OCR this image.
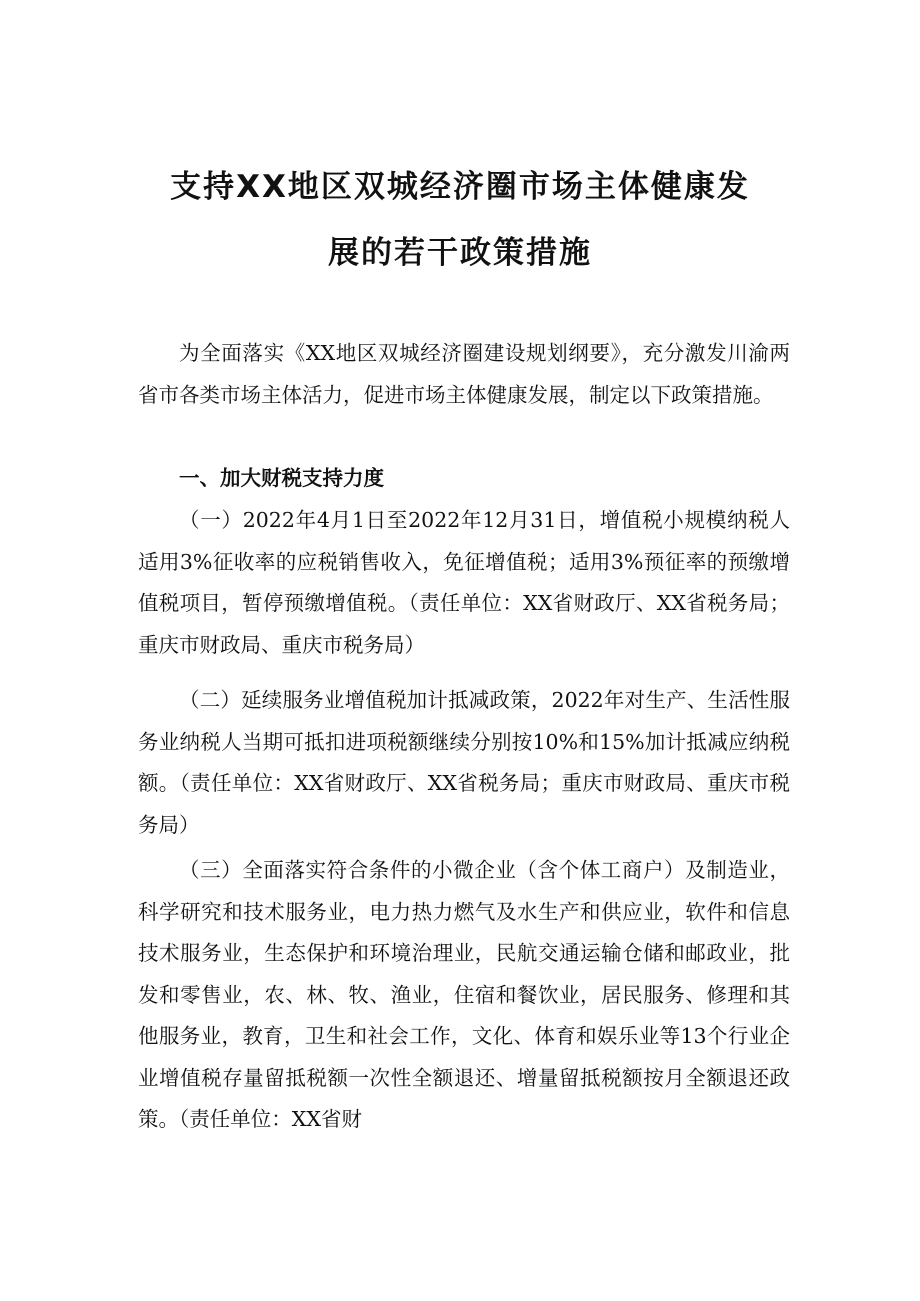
支持XX地区双城经济圈市场主体健康发
展的若干政策措施

为全面落实《XX地区双城经济圈建设规划纲要》，充分激发川渝两省市各类市场主体活力，促进市场主体健康发展，制定以下政策措施。

一、加大财税支持力度

（一）2022年4月1日至2022年12月31日，增值税小规模纳税人适用3%征收率的应税销售收入，免征增值税；适用3%预征率的预缴增值税项目，暂停预缴增值税。（责任单位：XX省财政厅、XX省税务局；重庆市财政局、重庆市税务局）

（二）延续服务业增值税加计抵减政策，2022年对生产、生活性服务业纳税人当期可抵扣进项税额继续分别按10%和15%加计抵减应纳税额。（责任单位：XX省财政厅、XX省税务局；重庆市财政局、重庆市税务局）

（三）全面落实符合条件的小微企业（含个体工商户）及制造业，科学研究和技术服务业，电力热力燃气及水生产和供应业，软件和信息技术服务业，生态保护和环境治理业，民航交通运输仓储和邮政业，批发和零售业，农、林、牧、渔业，住宿和餐饮业，居民服务、修理和其他服务业，教育，卫生和社会工作，文化、体育和娱乐业等13个行业企业增值税存量留抵税额一次性全额退还、增量留抵税额按月全额退还政策。（责任单位：XX省财
